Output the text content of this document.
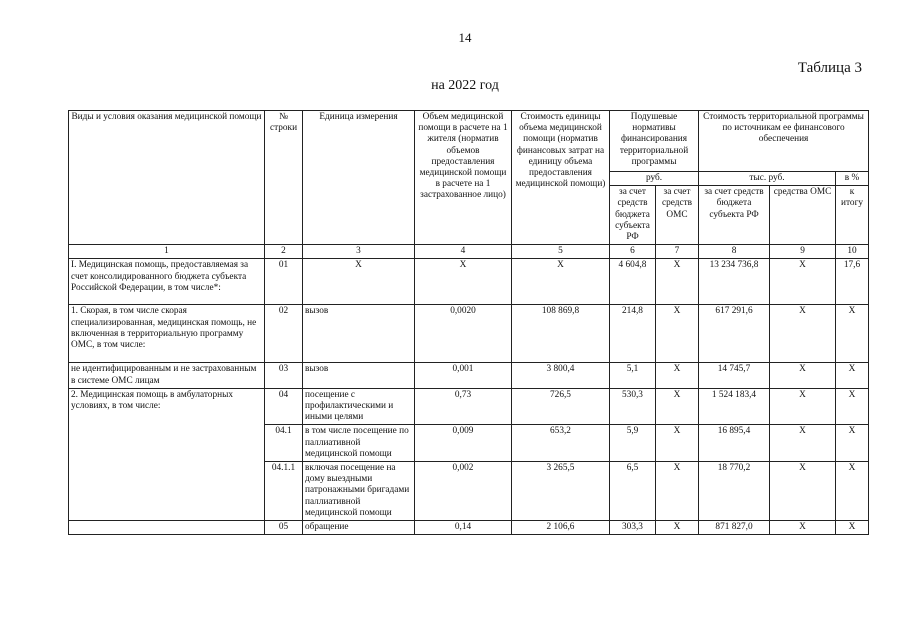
14
Таблица 3
на 2022 год
Виды и условия оказания медицинской помощи	№ строки	Единица измерения	Объем медицинской помощи в расчете на 1 жителя (норматив объемов предоставления медицинской помощи в расчете на 1 застрахованное лицо)	Стоимость единицы объема медицинской помощи (норматив финансовых затрат на единицу объема предоставления медицинской помощи)	Подушевые нормативы финансирования территориальной программы		Стоимость территориальной программы по источникам ее финансового обеспечения		
					руб.		тыс. руб.		в %
					за счет средств бюджета субъекта РФ	за счет средств ОМС	за счет средств бюджета субъекта РФ	средства ОМС	к итогу
1	2	3	4	5	6	7	8	9	10
I. Медицинская помощь, предоставляемая за счет консолидированного бюджета субъекта Российской Федерации, в том числе*:	01	Х	Х	Х	4 604,8	Х	13 234 736,8	Х	17,6
1. Скорая, в том числе скорая специализированная, медицинская помощь, не включенная в территориальную программу ОМС, в том числе:	02	вызов	0,0020	108 869,8	214,8	Х	617 291,6	Х	Х
не идентифицированным и не застрахованным в системе ОМС лицам	03	вызов	0,001	3 800,4	5,1	Х	14 745,7	Х	Х
2. Медицинская помощь в амбулаторных условиях, в том числе:	04	посещение с профилактическими и иными целями	0,73	726,5	530,3	Х	1 524 183,4	Х	Х
	04.1	в том числе посещение по паллиативной медицинской помощи	0,009	653,2	5,9	Х	16 895,4	Х	Х
	04.1.1	включая посещение на дому выездными патронажными бригадами паллиативной медицинской помощи	0,002	3 265,5	6,5	Х	18 770,2	Х	Х
	05	обращение	0,14	2 106,6	303,3	Х	871 827,0	Х	Х
